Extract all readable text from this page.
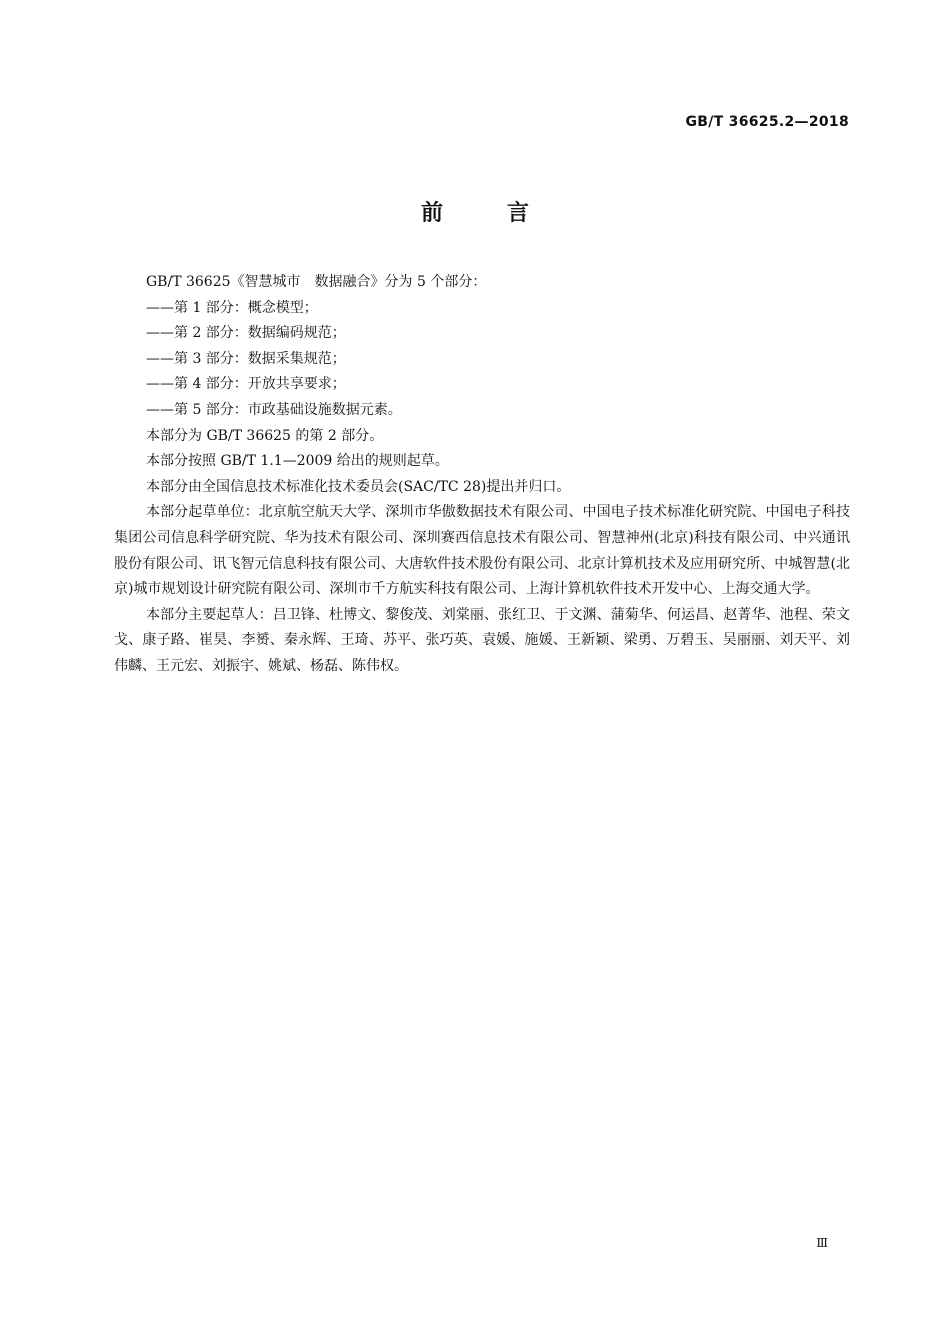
GB/T 36625.2—2018
前言

GB/T 36625《智慧城市　数据融合》分为 5 个部分：

——第 1 部分：概念模型；

——第 2 部分：数据编码规范；

——第 3 部分：数据采集规范；

——第 4 部分：开放共享要求；

——第 5 部分：市政基础设施数据元素。

本部分为 GB/T 36625 的第 2 部分。

本部分按照 GB/T 1.1—2009 给出的规则起草。

本部分由全国信息技术标准化技术委员会(SAC/TC 28)提出并归口。

本部分起草单位：北京航空航天大学、深圳市华傲数据技术有限公司、中国电子技术标准化研究院、中国电子科技集团公司信息科学研究院、华为技术有限公司、深圳赛西信息技术有限公司、智慧神州(北京)科技有限公司、中兴通讯股份有限公司、讯飞智元信息科技有限公司、大唐软件技术股份有限公司、北京计算机技术及应用研究所、中城智慧(北京)城市规划设计研究院有限公司、深圳市千方航实科技有限公司、上海计算机软件技术开发中心、上海交通大学。

本部分主要起草人：吕卫锋、杜博文、黎俊茂、刘棠丽、张红卫、于文渊、蒲菊华、何运昌、赵菁华、池程、荣文戈、康子路、崔昊、李赟、秦永辉、王琦、苏平、张巧英、袁媛、施媛、王新颖、梁勇、万碧玉、吴丽丽、刘天平、刘伟麟、王元宏、刘振宇、姚斌、杨磊、陈伟权。

Ⅲ
